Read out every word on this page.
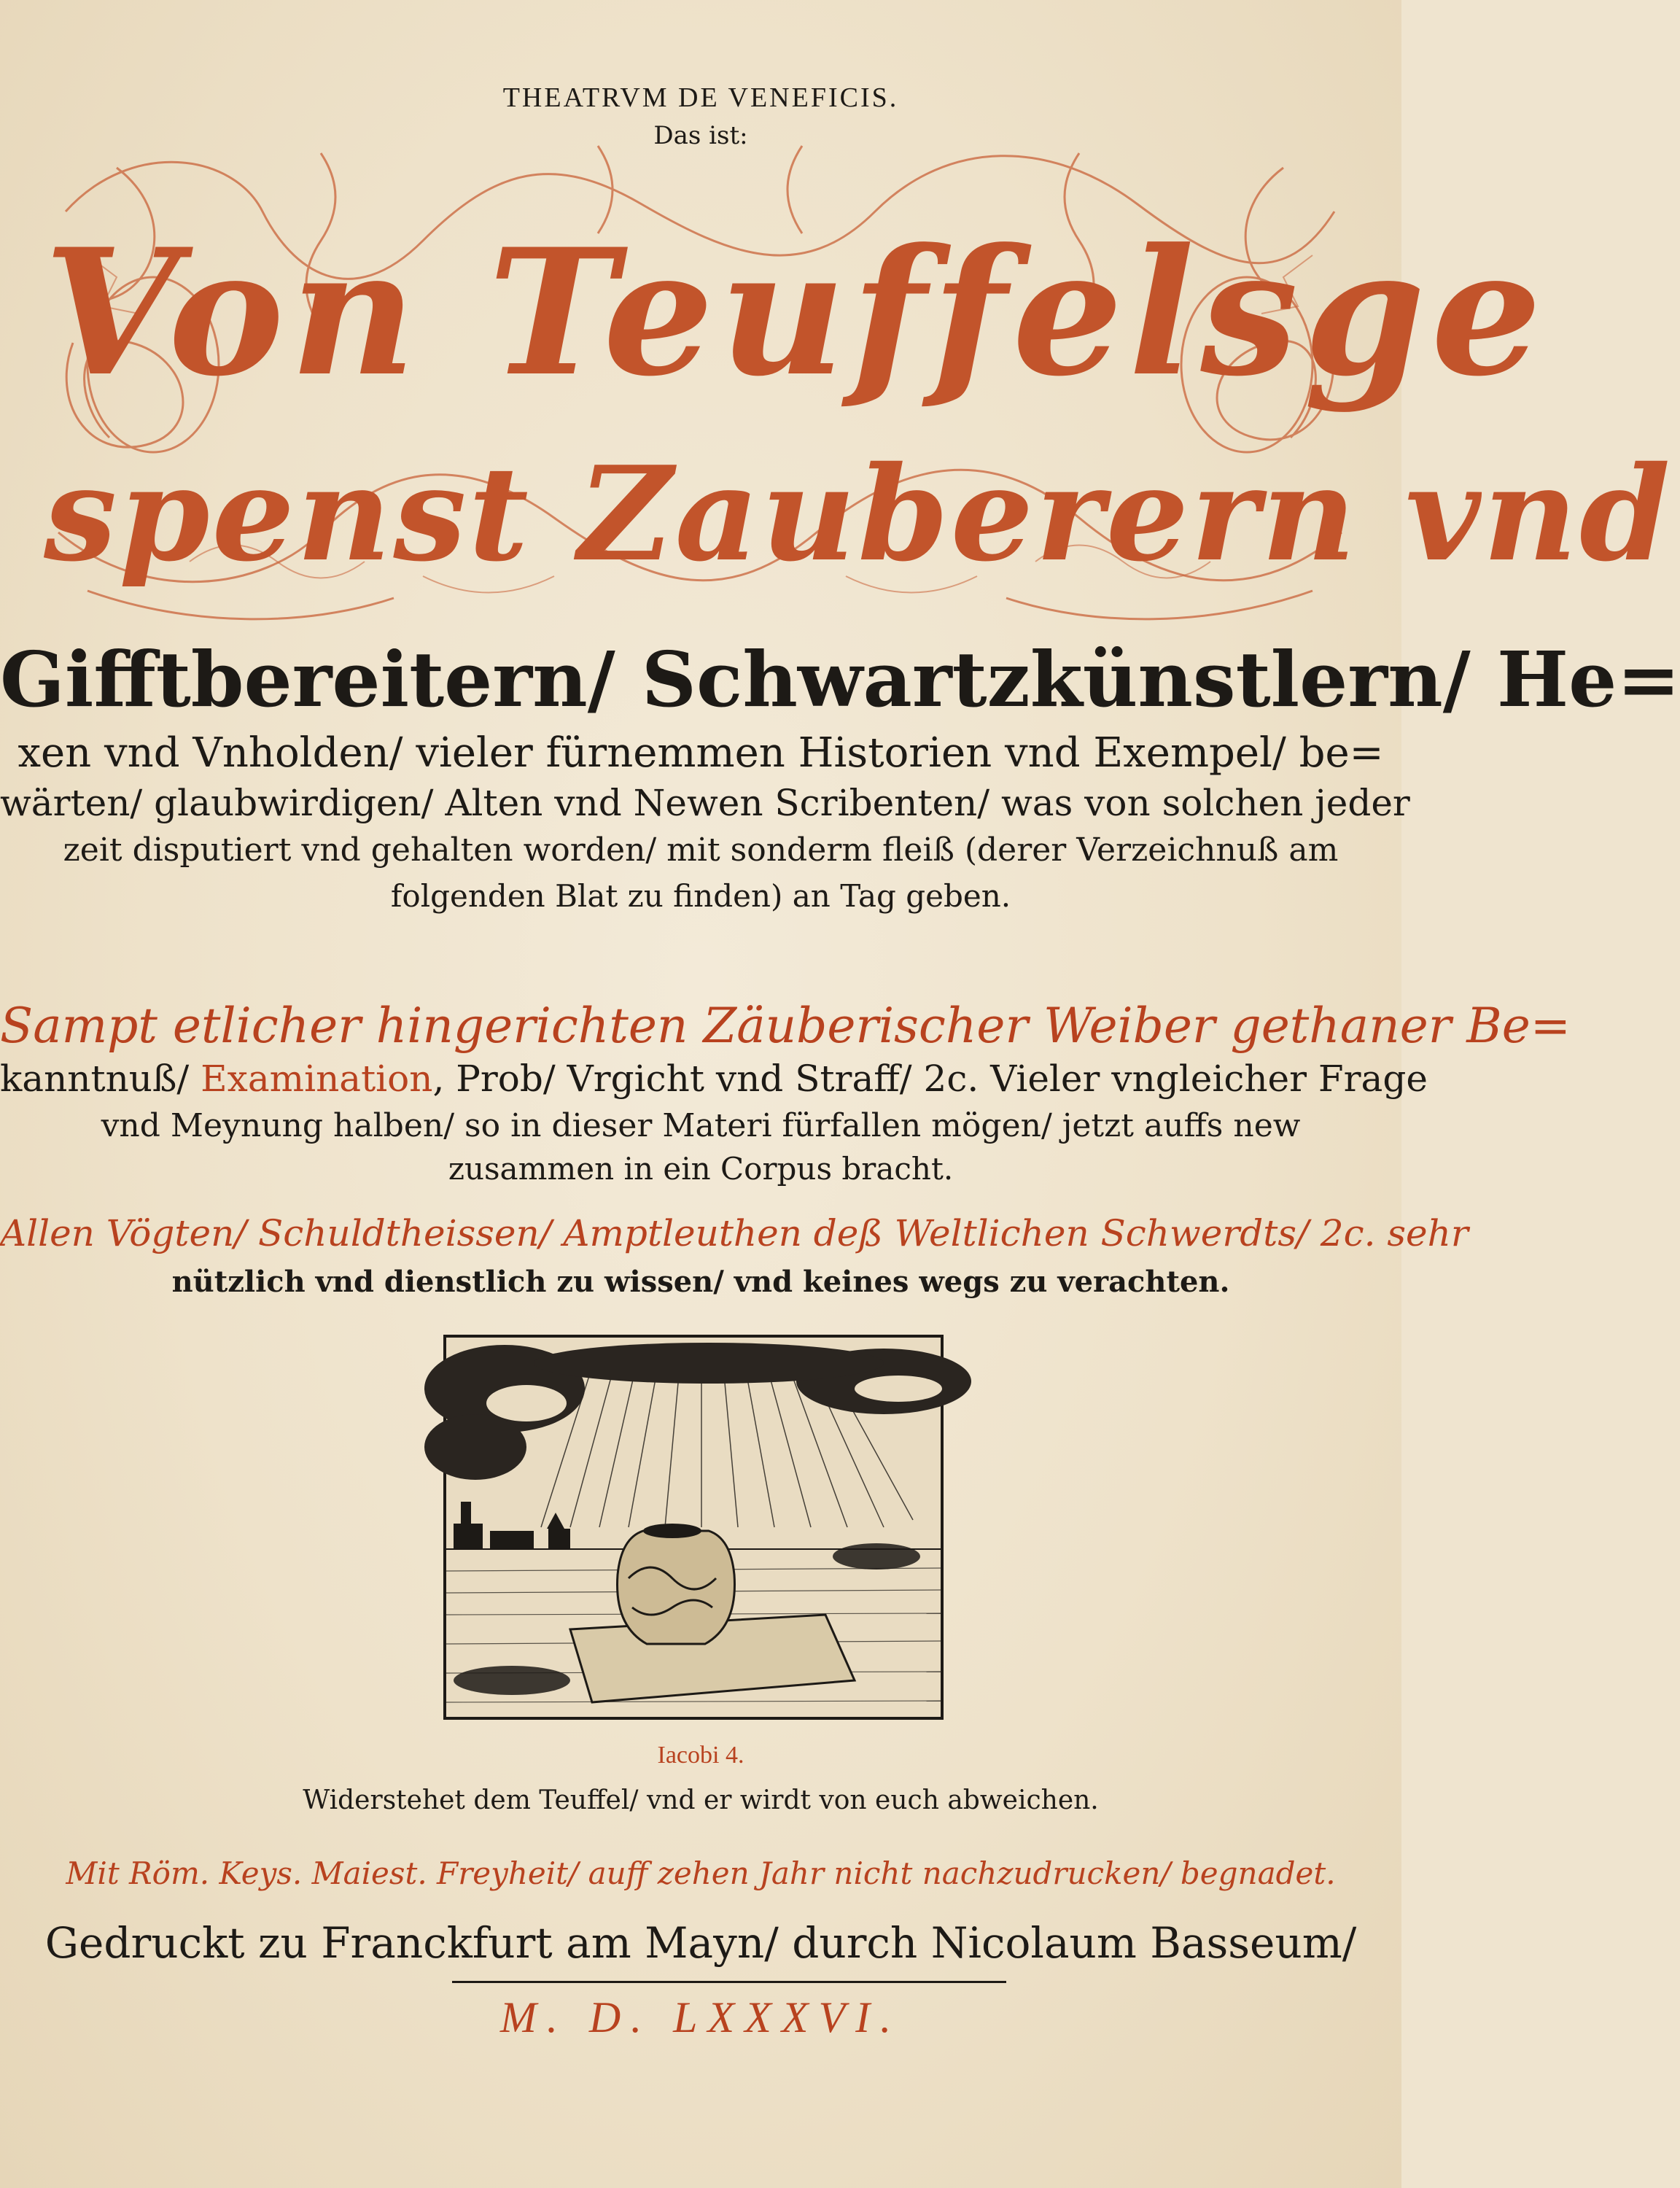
THEATRVM DE VENEFICIS.
Das ist:
Von Teuffelsge
spenst Zauberern vnd
Gifftbereitern/ Schwartzkünstlern/ He=
xen vnd Vnholden/ vieler fürnemmen Historien vnd Exempel/ be=
wärten/ glaubwirdigen/ Alten vnd Newen Scribenten/ was von solchen jeder
zeit disputiert vnd gehalten worden/ mit sonderm fleiß (derer Verzeichnuß am
folgenden Blat zu finden) an Tag geben.
Sampt etlicher hingerichten Zäuberischer Weiber gethaner Be=
kanntnuß/ Examination, Prob/ Vrgicht vnd Straff/ 2c. Vieler vngleicher Frage
vnd Meynung halben/ so in dieser Materi fürfallen mögen/ jetzt auffs new
zusammen in ein Corpus bracht.
Allen Vögten/ Schuldtheissen/ Amptleuthen deß Weltlichen Schwerdts/ 2c. sehr
nützlich vnd dienstlich zu wissen/ vnd keines wegs zu verachten.
Iacobi 4.
Widerstehet dem Teuffel/ vnd er wirdt von euch abweichen.
Mit Röm. Keys. Maiest. Freyheit/ auff zehen Jahr nicht nachzudrucken/ begnadet.
Gedruckt zu Franckfurt am Mayn/ durch Nicolaum Basseum/
M. D. LXXXVI.
